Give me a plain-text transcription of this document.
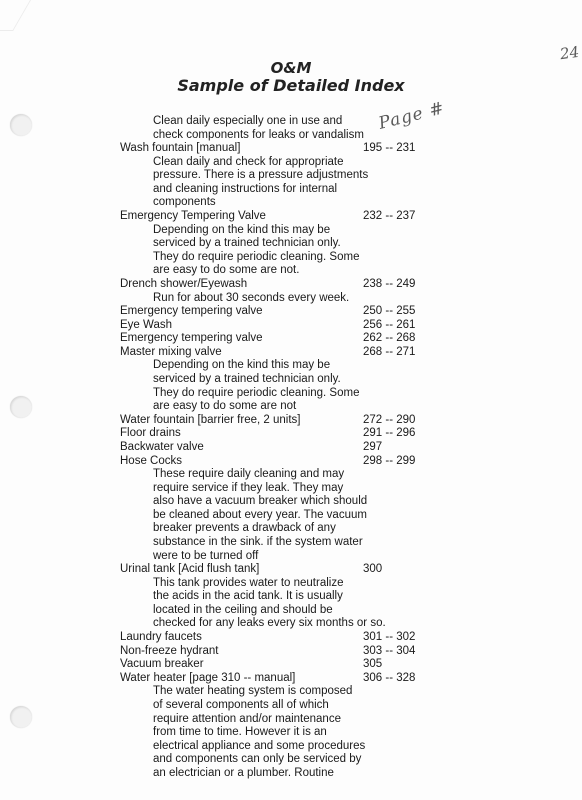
24
Page #
O&M
Sample of Detailed Index
Clean daily especially one in use and
check components for leaks or vandalism
Wash fountain [manual]	195 -- 231
Clean daily and check for appropriate
pressure. There is a pressure adjustments
and cleaning instructions for internal
components
Emergency Tempering Valve	232 -- 237
Depending on the kind this may be
serviced by a trained technician only.
They do require periodic cleaning. Some
are easy to do some are not.
Drench shower/Eyewash	238 -- 249
Run for about 30 seconds every week.
Emergency tempering valve	250 -- 255
Eye Wash	256 -- 261
Emergency tempering valve	262 -- 268
Master mixing valve	268 -- 271
Depending on the kind this may be
serviced by a trained technician only.
They do require periodic cleaning. Some
are easy to do some are not
Water fountain [barrier free, 2 units]	272 -- 290
Floor drains	291 -- 296
Backwater valve	297
Hose Cocks	298 -- 299
These require daily cleaning and may
require service if they leak. They may
also have a vacuum breaker which should
be cleaned about every year. The vacuum
breaker prevents a drawback of any
substance in the sink. if the system water
were to be turned off
Urinal tank [Acid flush tank]	300
This tank provides water to neutralize
the acids in the acid tank. It is usually
located in the ceiling and should be
checked for any leaks every six months or so.
Laundry faucets	301 -- 302
Non-freeze hydrant	303 -- 304
Vacuum breaker	305
Water heater [page 310 -- manual]	306 -- 328
The water heating system is composed
of several components all of which
require attention and/or maintenance
from time to time. However it is an
electrical appliance and some procedures
and components can only be serviced by
an electrician or a plumber. Routine
